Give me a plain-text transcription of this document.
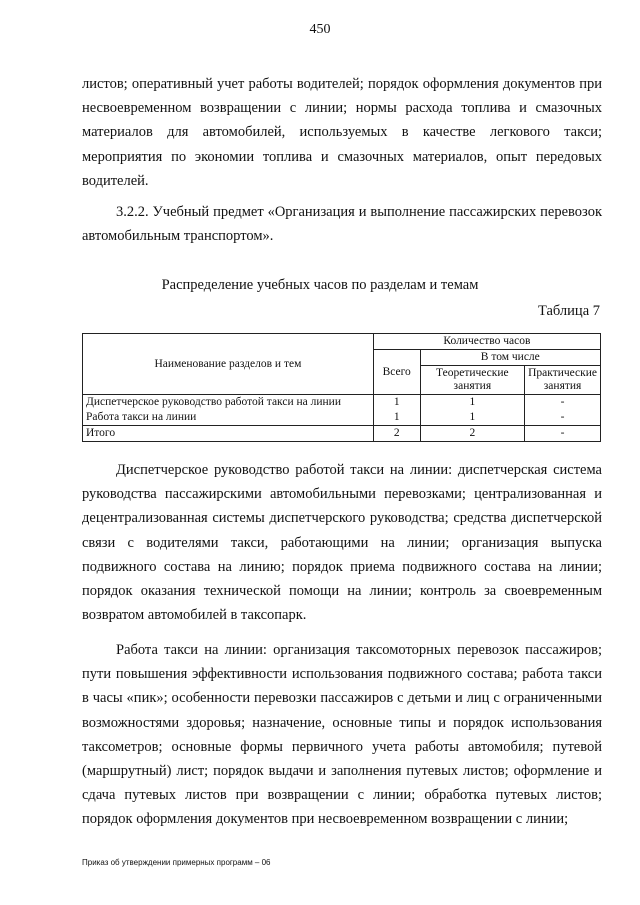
450

листов; оперативный учет работы водителей; порядок оформления документов при несвоевременном возвращении с линии; нормы расхода топлива и смазочных материалов для автомобилей, используемых в качестве легкового такси; мероприятия по экономии топлива и смазочных материалов, опыт передовых водителей.

3.2.2. Учебный предмет «Организация и выполнение пассажирских перевозок автомобильным транспортом».

Распределение учебных часов по разделам и темам
Таблица 7
Наименование разделов и тем	Количество часов		
	Всего	В том числе	
		Теоретические занятия	Практические занятия
Диспетчерское руководство работой такси на линии	1	1	-
Работа такси на линии	1	1	-
Итого	2	2	-

Диспетчерское руководство работой такси на линии: диспетчерская система руководства пассажирскими автомобильными перевозками; централизованная и децентрализованная системы диспетчерского руководства; средства диспетчерской связи с водителями такси, работающими на линии; организация выпуска подвижного состава на линию; порядок приема подвижного состава на линии; порядок оказания технической помощи на линии; контроль за своевременным возвратом автомобилей в таксопарк.

Работа такси на линии: организация таксомоторных перевозок пассажиров; пути повышения эффективности использования подвижного состава; работа такси в часы «пик»; особенности перевозки пассажиров с детьми и лиц с ограниченными возможностями здоровья; назначение, основные типы и порядок использования таксометров; основные формы первичного учета работы автомобиля; путевой (маршрутный) лист; порядок выдачи и заполнения путевых листов; оформление и сдача путевых листов при возвращении с линии; обработка путевых листов; порядок оформления документов при несвоевременном возвращении с линии;

Приказ об утверждении примерных программ – 06
